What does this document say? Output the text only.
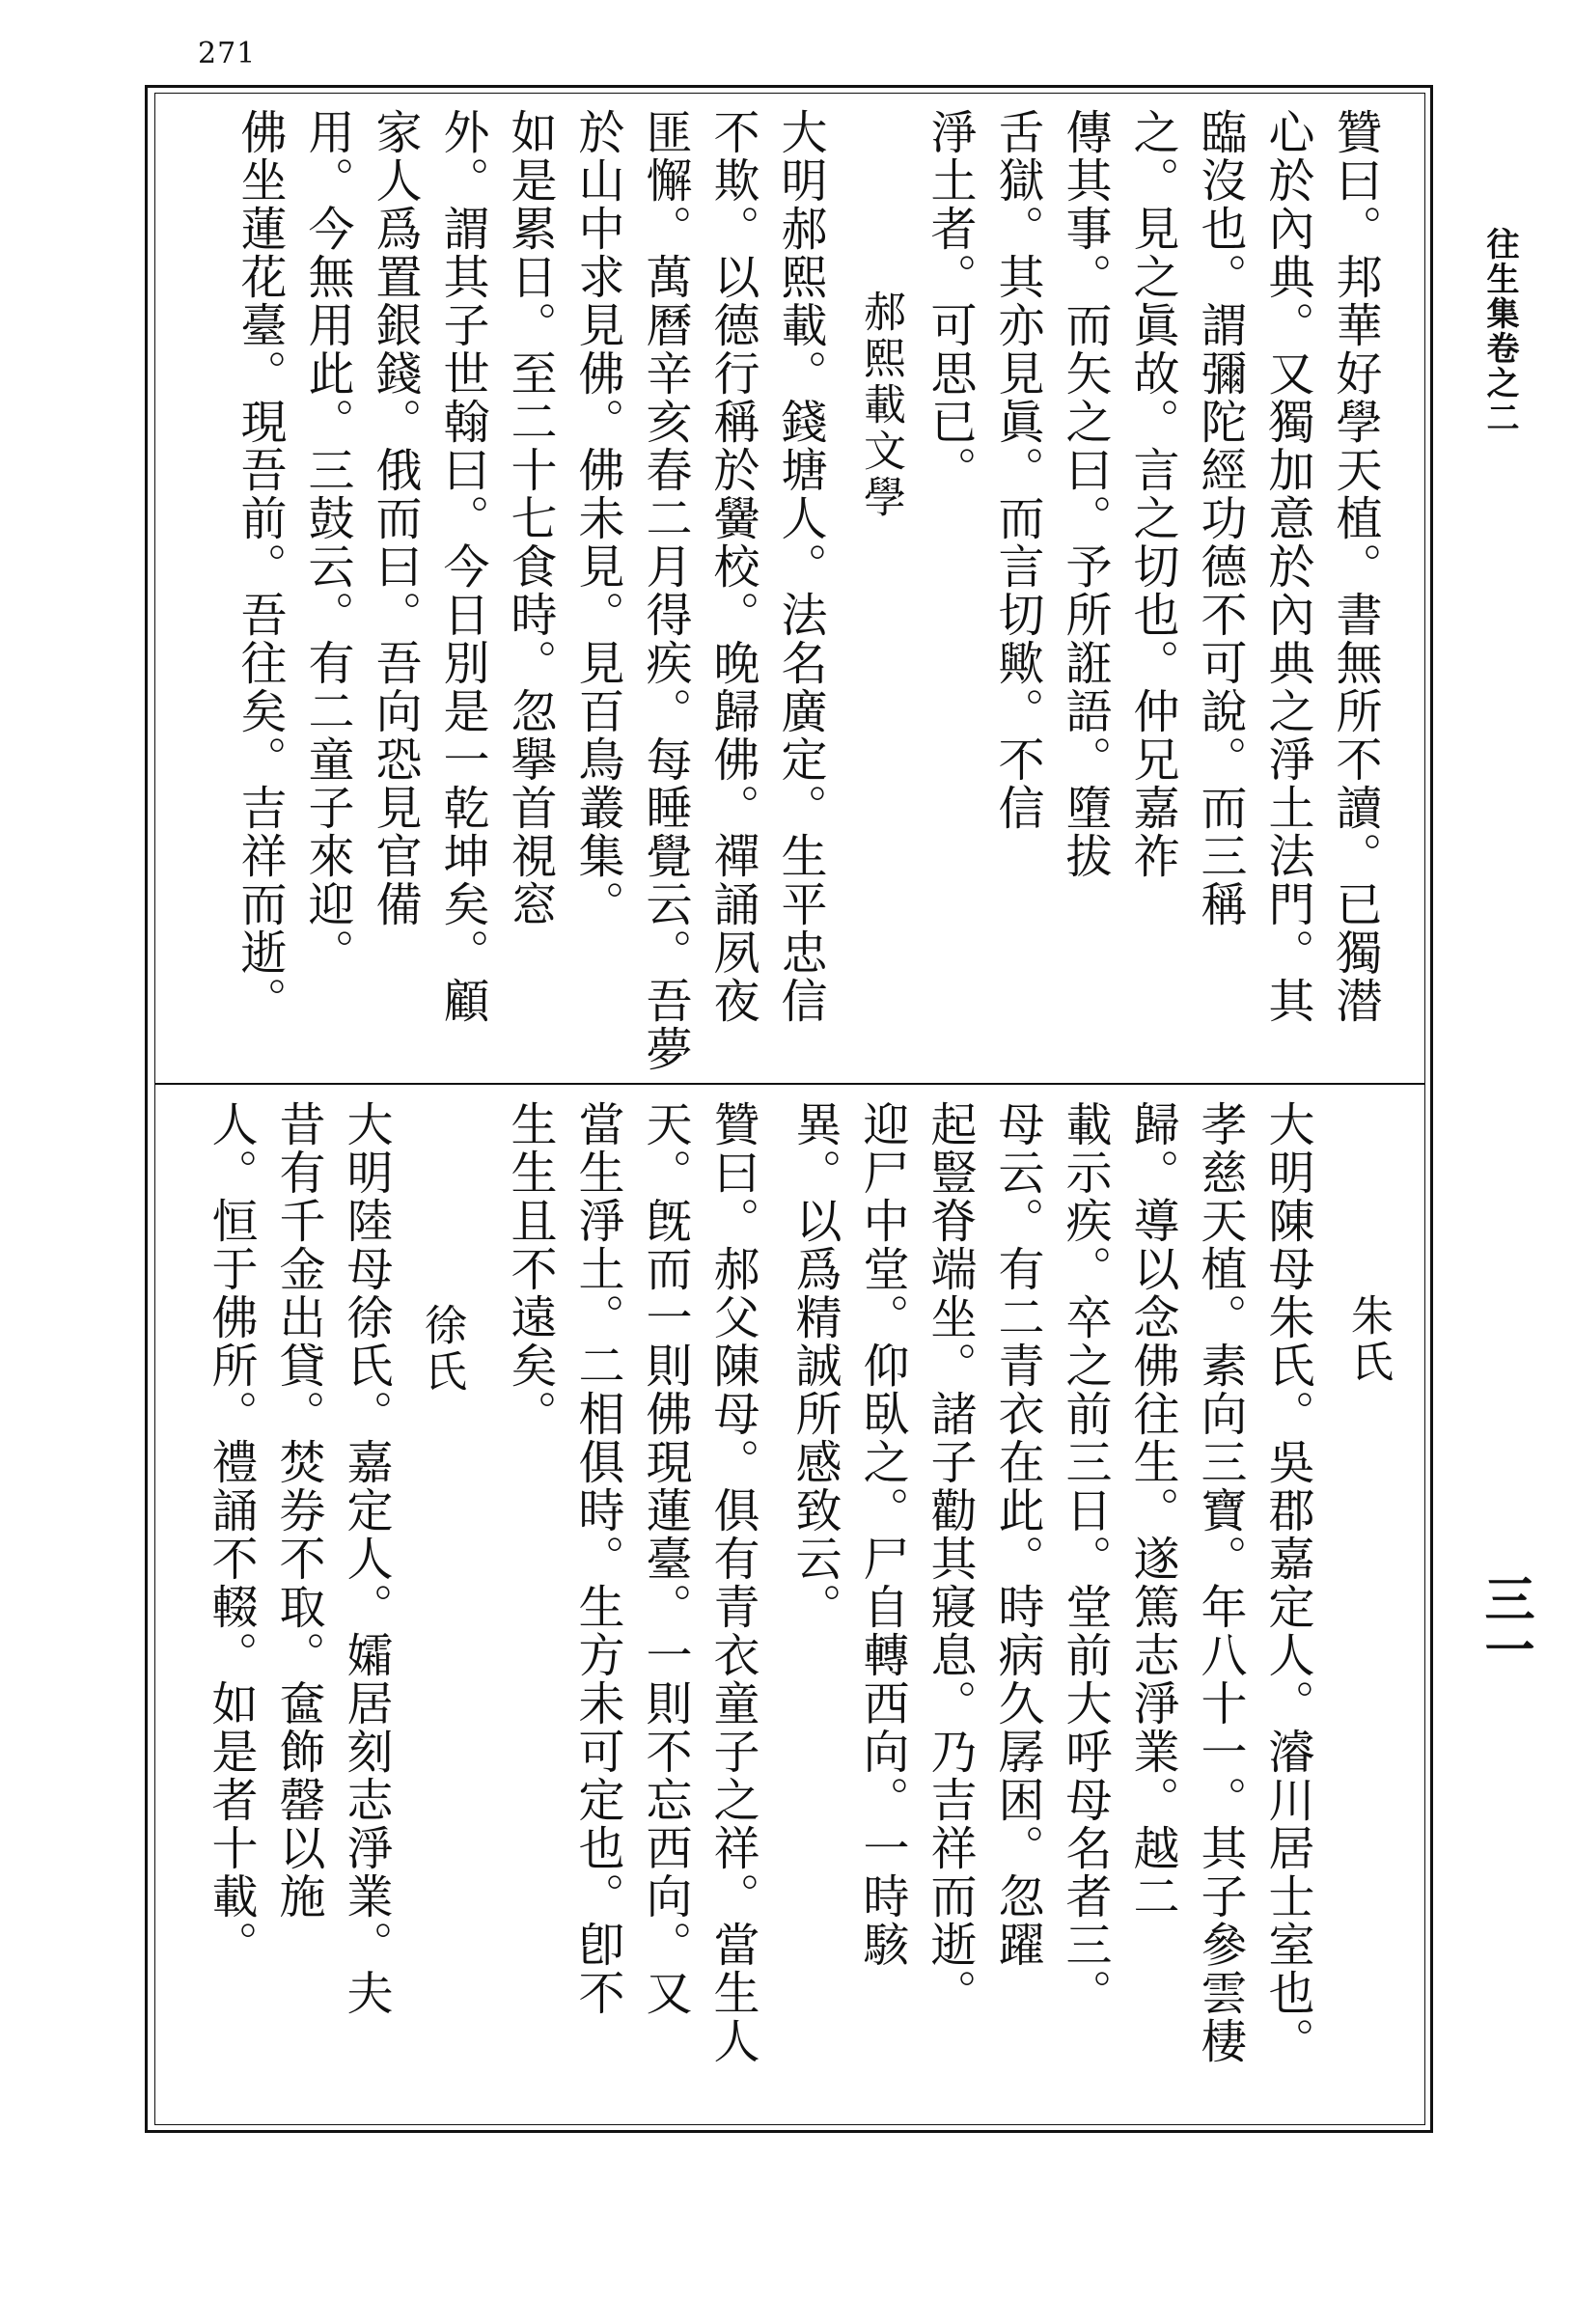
271
往生集卷之二
三一
贊曰。邦華好學天植。書無所不讀。已獨潜
心於內典。又獨加意於內典之淨土法門。其
臨沒也。謂彌陀經功德不可說。而三稱
之。見之眞故。言之切也。仲兄嘉祚
傳其事。而矢之曰。予所誑語。墮拔
舌獄。其亦見眞。而言切歟。不信
淨土者。可思已。
郝熙載文學
大明郝熙載。錢塘人。法名廣定。生平忠信
不欺。以德行稱於黌校。晚歸佛。禪誦夙夜
匪懈。萬曆辛亥春二月得疾。每睡覺云。吾夢
於山中求見佛。佛未見。見百鳥叢集。
如是累日。至二十七食時。忽擧首視窓
外。謂其子世翰曰。今日別是一乾坤矣。顧
家人爲置銀錢。俄而曰。吾向恐見官備
用。今無用此。三鼓云。有二童子來迎。
佛坐蓮花臺。現吾前。吾往矣。吉祥而逝。
朱氏
大明陳母朱氏。吳郡嘉定人。濬川居士室也。
孝慈天植。素向三寶。年八十一。其子參雲棲
歸。導以念佛往生。遂篤志淨業。越二
載示疾。卒之前三日。堂前大呼母名者三。
母云。有二青衣在此。時病久孱困。忽躍
起豎脊端坐。諸子勸其寢息。乃吉祥而逝。
迎尸中堂。仰臥之。尸自轉西向。一時駭
異。以爲精誠所感致云。
贊曰。郝父陳母。俱有青衣童子之祥。當生人
天。旣而一則佛現蓮臺。一則不忘西向。又
當生淨土。二相俱時。生方未可定也。卽不
生生且不遠矣。
徐氏
大明陸母徐氏。嘉定人。孀居刻志淨業。夫
昔有千金出貸。焚券不取。奩飾罄以施
人。恒于佛所。禮誦不輟。如是者十載。
